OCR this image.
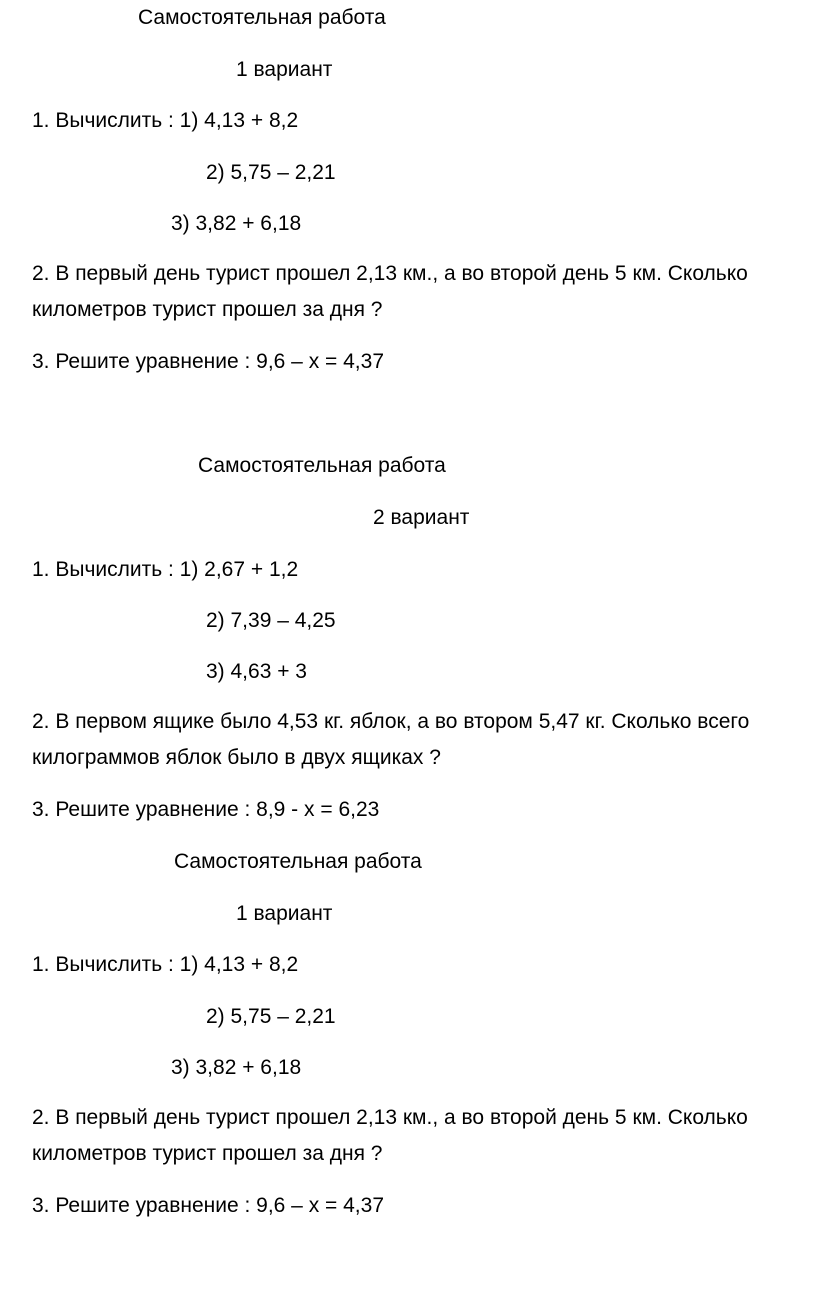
Самостоятельная работа
1 вариант
1. Вычислить : 1) 4,13 + 8,2
2) 5,75 – 2,21
3) 3,82 + 6,18
2. В первый день турист прошел 2,13 км., а во второй день 5 км. Сколько километров турист прошел за дня ?
3. Решите уравнение : 9,6 – х = 4,37
Самостоятельная работа
2 вариант
1. Вычислить : 1) 2,67 + 1,2
2) 7,39 – 4,25
3) 4,63 + 3
2. В первом ящике было 4,53 кг. яблок, а во втором 5,47 кг. Сколько всего килограммов яблок было в двух ящиках ?
3. Решите уравнение : 8,9 - х = 6,23
Самостоятельная работа
1 вариант
1. Вычислить : 1) 4,13 + 8,2
2) 5,75 – 2,21
3) 3,82 + 6,18
2. В первый день турист прошел 2,13 км., а во второй день 5 км. Сколько километров турист прошел за дня ?
3. Решите уравнение : 9,6 – х = 4,37
